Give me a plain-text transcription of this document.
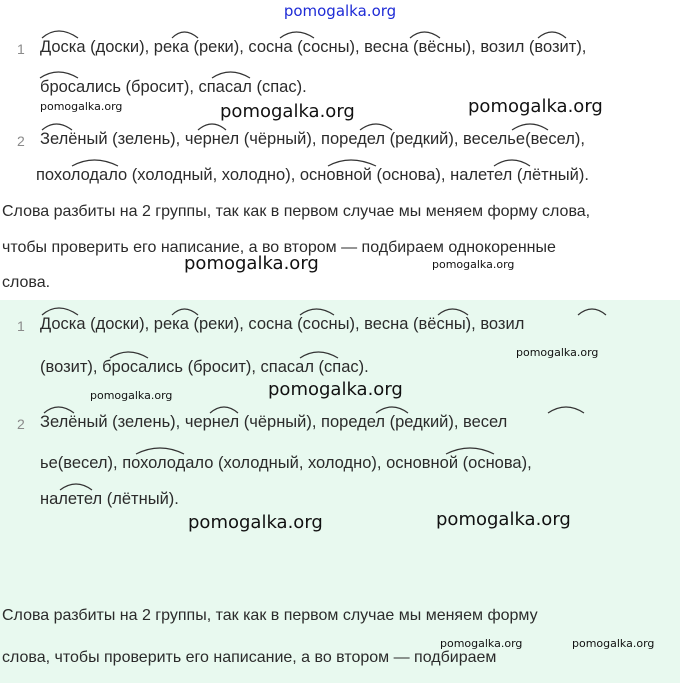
pomogalka.org
1 Доска (доски), река (реки), сосна (сосны), весна (вёсны), возил (возит),
бросались (бросит), спасал (спас).
2 Зелёный (зелень), чернел (чёрный), поредел (редкий), веселье(весел),
похолодало (холодный, холодно), основной (основа), налетел (лётный).
Слова разбиты на 2 группы, так как в первом случае мы меняем форму слова,
чтобы проверить его написание, а во втором — подбираем однокоренные
слова.
1 Доска (доски), река (реки), сосна (сосны), весна (вёсны), возил
(возит), бросались (бросит), спасал (спас).
2 Зелёный (зелень), чернел (чёрный), поредел (редкий), весел
ье(весел), похолодало (холодный, холодно), основной (основа),
налетел (лётный).
Слова разбиты на 2 группы, так как в первом случае мы меняем форму
слова, чтобы проверить его написание, а во втором — подбираем
pomogalka.org	pomogalka.org	pomogalka.org
pomogalka.org	pomogalka.org
pomogalka.org
pomogalka.org	pomogalka.org
pomogalka.org	pomogalka.org
pomogalka.org	pomogalka.org
